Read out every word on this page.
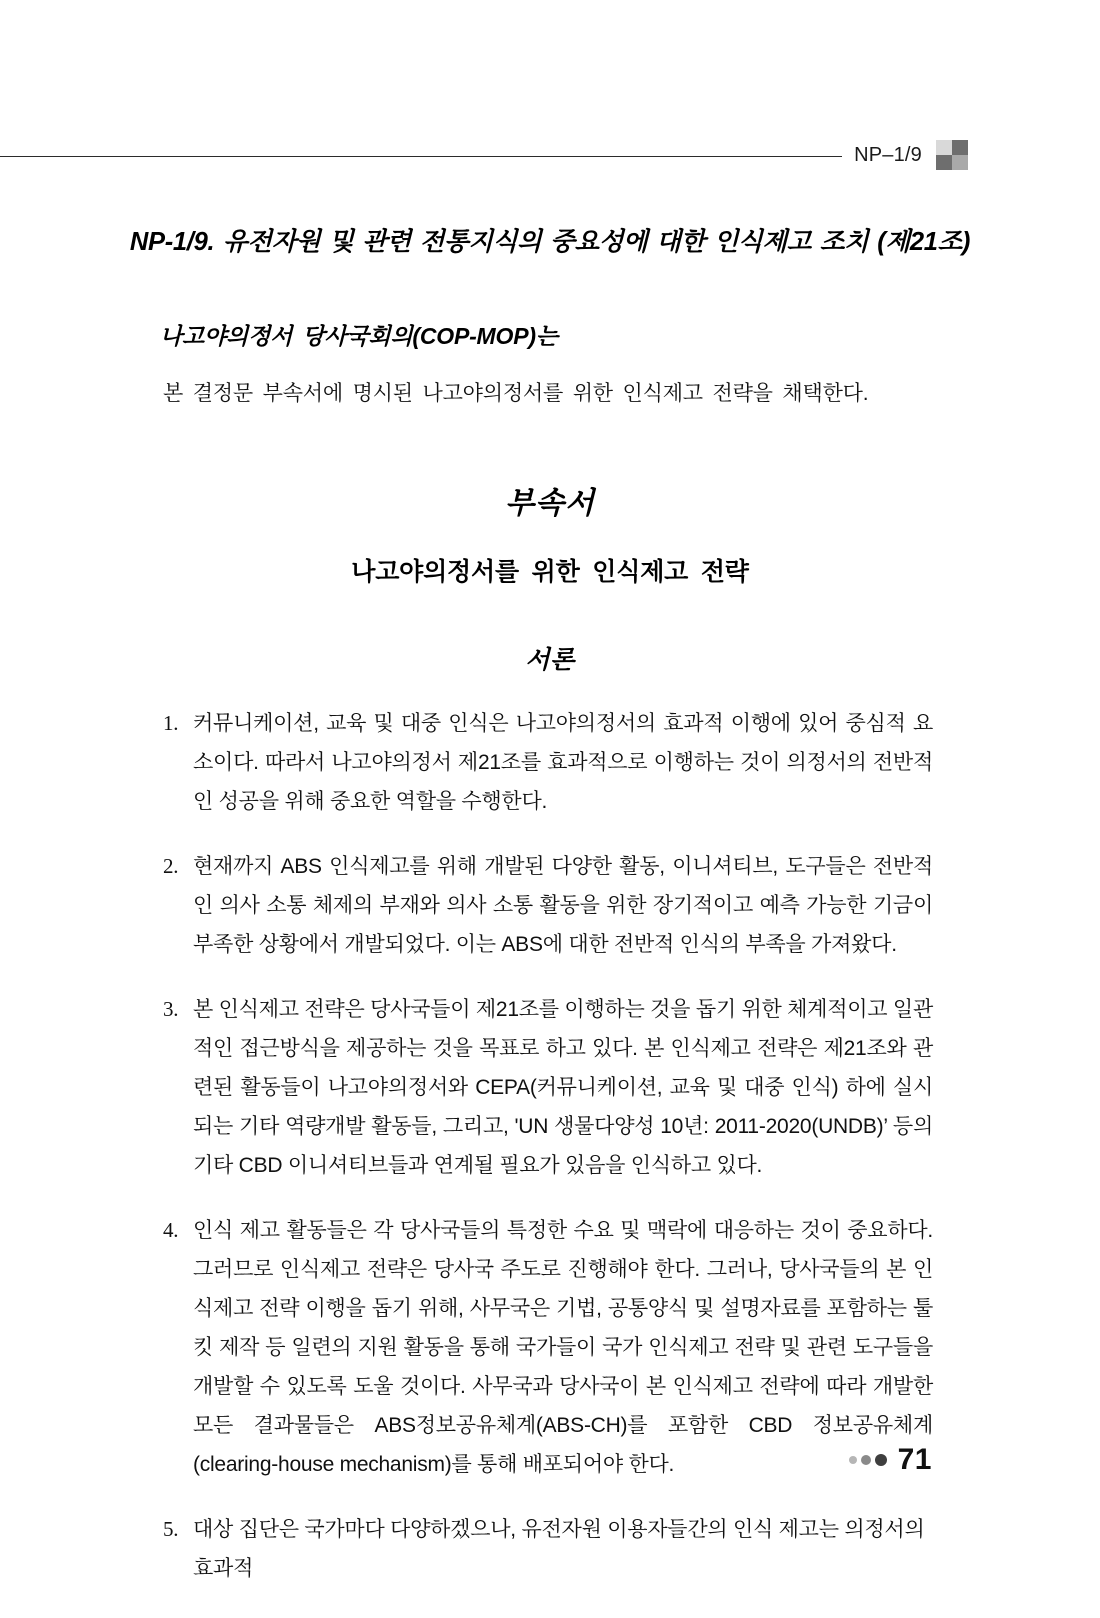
NP–1/9
NP-1/9. 유전자원 및 관련 전통지식의 중요성에 대한 인식제고 조치 (제21조)
나고야의정서 당사국회의(COP-MOP)는
본 결정문 부속서에 명시된 나고야의정서를 위한 인식제고 전략을 채택한다.
부속서
나고야의정서를 위한 인식제고 전략
서론
1. 커뮤니케이션, 교육 및 대중 인식은 나고야의정서의 효과적 이행에 있어 중심적 요소이다. 따라서 나고야의정서 제21조를 효과적으로 이행하는 것이 의정서의 전반적인 성공을 위해 중요한 역할을 수행한다.
2. 현재까지 ABS 인식제고를 위해 개발된 다양한 활동, 이니셔티브, 도구들은 전반적인 의사 소통 체제의 부재와 의사 소통 활동을 위한 장기적이고 예측 가능한 기금이 부족한 상황에서 개발되었다. 이는 ABS에 대한 전반적 인식의 부족을 가져왔다.
3. 본 인식제고 전략은 당사국들이 제21조를 이행하는 것을 돕기 위한 체계적이고 일관적인 접근방식을 제공하는 것을 목표로 하고 있다. 본 인식제고 전략은 제21조와 관련된 활동들이 나고야의정서와 CEPA(커뮤니케이션, 교육 및 대중 인식) 하에 실시되는 기타 역량개발 활동들, 그리고, 'UN 생물다양성 10년: 2011-2020(UNDB)’ 등의 기타 CBD 이니셔티브들과 연계될 필요가 있음을 인식하고 있다.
4. 인식 제고 활동들은 각 당사국들의 특정한 수요 및 맥락에 대응하는 것이 중요하다. 그러므로 인식제고 전략은 당사국 주도로 진행해야 한다. 그러나, 당사국들의 본 인식제고 전략 이행을 돕기 위해, 사무국은 기법, 공통양식 및 설명자료를 포함하는 툴킷 제작 등 일련의 지원 활동을 통해 국가들이 국가 인식제고 전략 및 관련 도구들을 개발할 수 있도록 도울 것이다. 사무국과 당사국이 본 인식제고 전략에 따라 개발한 모든 결과물들은 ABS정보공유체계(ABS-CH)를 포함한 CBD 정보공유체계(clearing-house mechanism)를 통해 배포되어야 한다.
5. 대상 집단은 국가마다 다양하겠으나, 유전자원 이용자들간의 인식 제고는 의정서의 효과적
71
